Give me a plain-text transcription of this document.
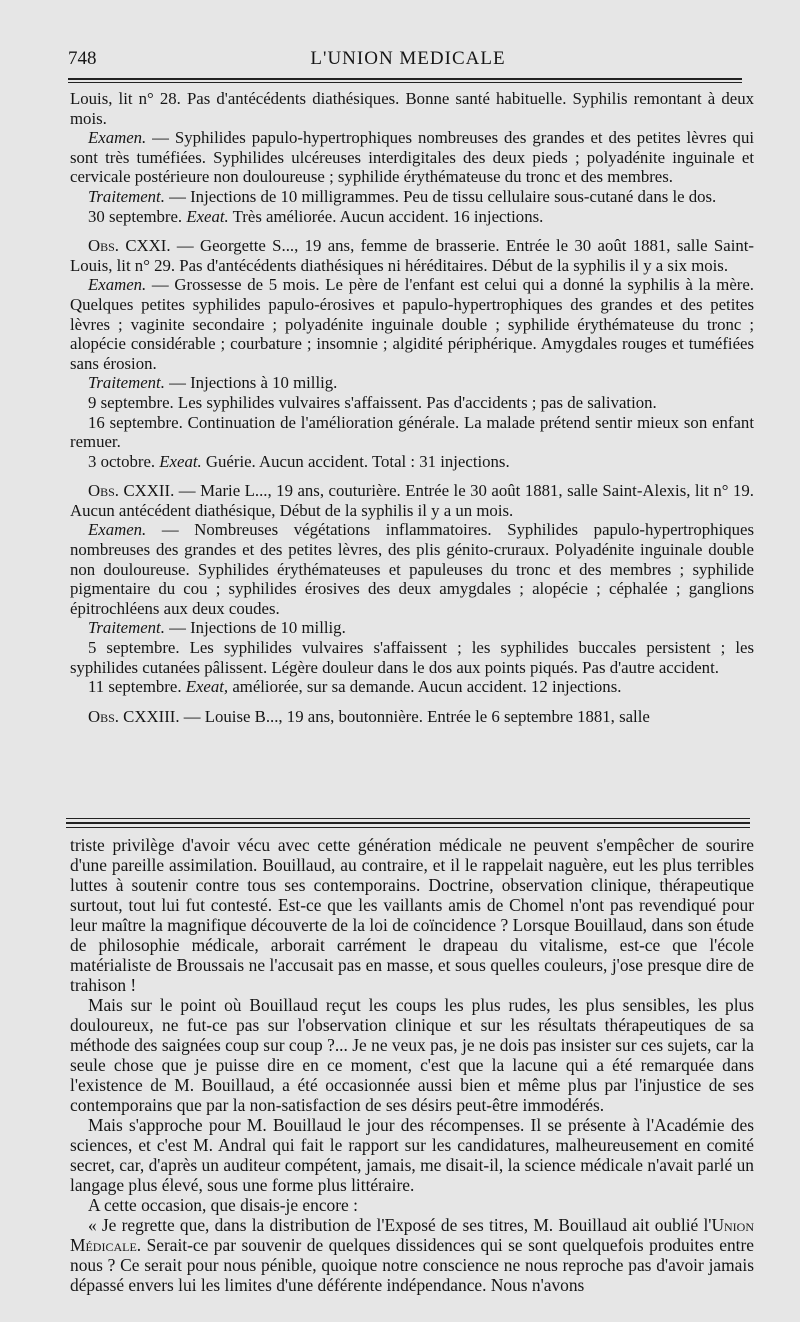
748	L'UNION MEDICALE

Louis, lit n° 28. Pas d'antécédents diathésiques. Bonne santé habituelle. Syphilis remontant à deux mois.

Examen. — Syphilides papulo-hypertrophiques nombreuses des grandes et des petites lèvres qui sont très tuméfiées. Syphilides ulcéreuses interdigitales des deux pieds ; polyadénite inguinale et cervicale postérieure non douloureuse ; syphilide érythémateuse du tronc et des membres.

Traitement. — Injections de 10 milligrammes. Peu de tissu cellulaire sous-cutané dans le dos.

30 septembre. Exeat. Très améliorée. Aucun accident. 16 injections.

Obs. CXXI. — Georgette S..., 19 ans, femme de brasserie. Entrée le 30 août 1881, salle Saint-Louis, lit n° 29. Pas d'antécédents diathésiques ni héréditaires. Début de la syphilis il y a six mois.

Examen. — Grossesse de 5 mois. Le père de l'enfant est celui qui a donné la syphilis à la mère. Quelques petites syphilides papulo-érosives et papulo-hypertrophiques des grandes et des petites lèvres ; vaginite secondaire ; polyadénite inguinale double ; syphilide érythémateuse du tronc ; alopécie considérable ; courbature ; insomnie ; algidité périphérique. Amygdales rouges et tuméfiées sans érosion.

Traitement. — Injections à 10 millig.

9 septembre. Les syphilides vulvaires s'affaissent. Pas d'accidents ; pas de salivation.

16 septembre. Continuation de l'amélioration générale. La malade prétend sentir mieux son enfant remuer.

3 octobre. Exeat. Guérie. Aucun accident. Total : 31 injections.

Obs. CXXII. — Marie L..., 19 ans, couturière. Entrée le 30 août 1881, salle Saint-Alexis, lit n° 19. Aucun antécédent diathésique, Début de la syphilis il y a un mois.

Examen. — Nombreuses végétations inflammatoires. Syphilides papulo-hypertrophiques nombreuses des grandes et des petites lèvres, des plis génito-cruraux. Polyadénite inguinale double non douloureuse. Syphilides érythémateuses et papuleuses du tronc et des membres ; syphilide pigmentaire du cou ; syphilides érosives des deux amygdales ; alopécie ; céphalée ; ganglions épitrochléens aux deux coudes.

Traitement. — Injections de 10 millig.

5 septembre. Les syphilides vulvaires s'affaissent ; les syphilides buccales persistent ; les syphilides cutanées pâlissent. Légère douleur dans le dos aux points piqués. Pas d'autre accident.

11 septembre. Exeat, améliorée, sur sa demande. Aucun accident. 12 injections.

Obs. CXXIII. — Louise B..., 19 ans, boutonnière. Entrée le 6 septembre 1881, salle

triste privilège d'avoir vécu avec cette génération médicale ne peuvent s'empêcher de sourire d'une pareille assimilation. Bouillaud, au contraire, et il le rappelait naguère, eut les plus terribles luttes à soutenir contre tous ses contemporains. Doctrine, observation clinique, thérapeutique surtout, tout lui fut contesté. Est-ce que les vaillants amis de Chomel n'ont pas revendiqué pour leur maître la magnifique découverte de la loi de coïncidence ? Lorsque Bouillaud, dans son étude de philosophie médicale, arborait carrément le drapeau du vitalisme, est-ce que l'école matérialiste de Broussais ne l'accusait pas en masse, et sous quelles couleurs, j'ose presque dire de trahison !

Mais sur le point où Bouillaud reçut les coups les plus rudes, les plus sensibles, les plus douloureux, ne fut-ce pas sur l'observation clinique et sur les résultats thérapeutiques de sa méthode des saignées coup sur coup ?... Je ne veux pas, je ne dois pas insister sur ces sujets, car la seule chose que je puisse dire en ce moment, c'est que la lacune qui a été remarquée dans l'existence de M. Bouillaud, a été occasionnée aussi bien et même plus par l'injustice de ses contemporains que par la non-satisfaction de ses désirs peut-être immodérés.

Mais s'approche pour M. Bouillaud le jour des récompenses. Il se présente à l'Académie des sciences, et c'est M. Andral qui fait le rapport sur les candidatures, malheureusement en comité secret, car, d'après un auditeur compétent, jamais, me disait-il, la science médicale n'avait parlé un langage plus élevé, sous une forme plus littéraire.

A cette occasion, que disais-je encore :

« Je regrette que, dans la distribution de l'Exposé de ses titres, M. Bouillaud ait oublié l'Union Médicale. Serait-ce par souvenir de quelques dissidences qui se sont quelquefois produites entre nous ? Ce serait pour nous pénible, quoique notre conscience ne nous reproche pas d'avoir jamais dépassé envers lui les limites d'une déférente indépendance. Nous n'avons
